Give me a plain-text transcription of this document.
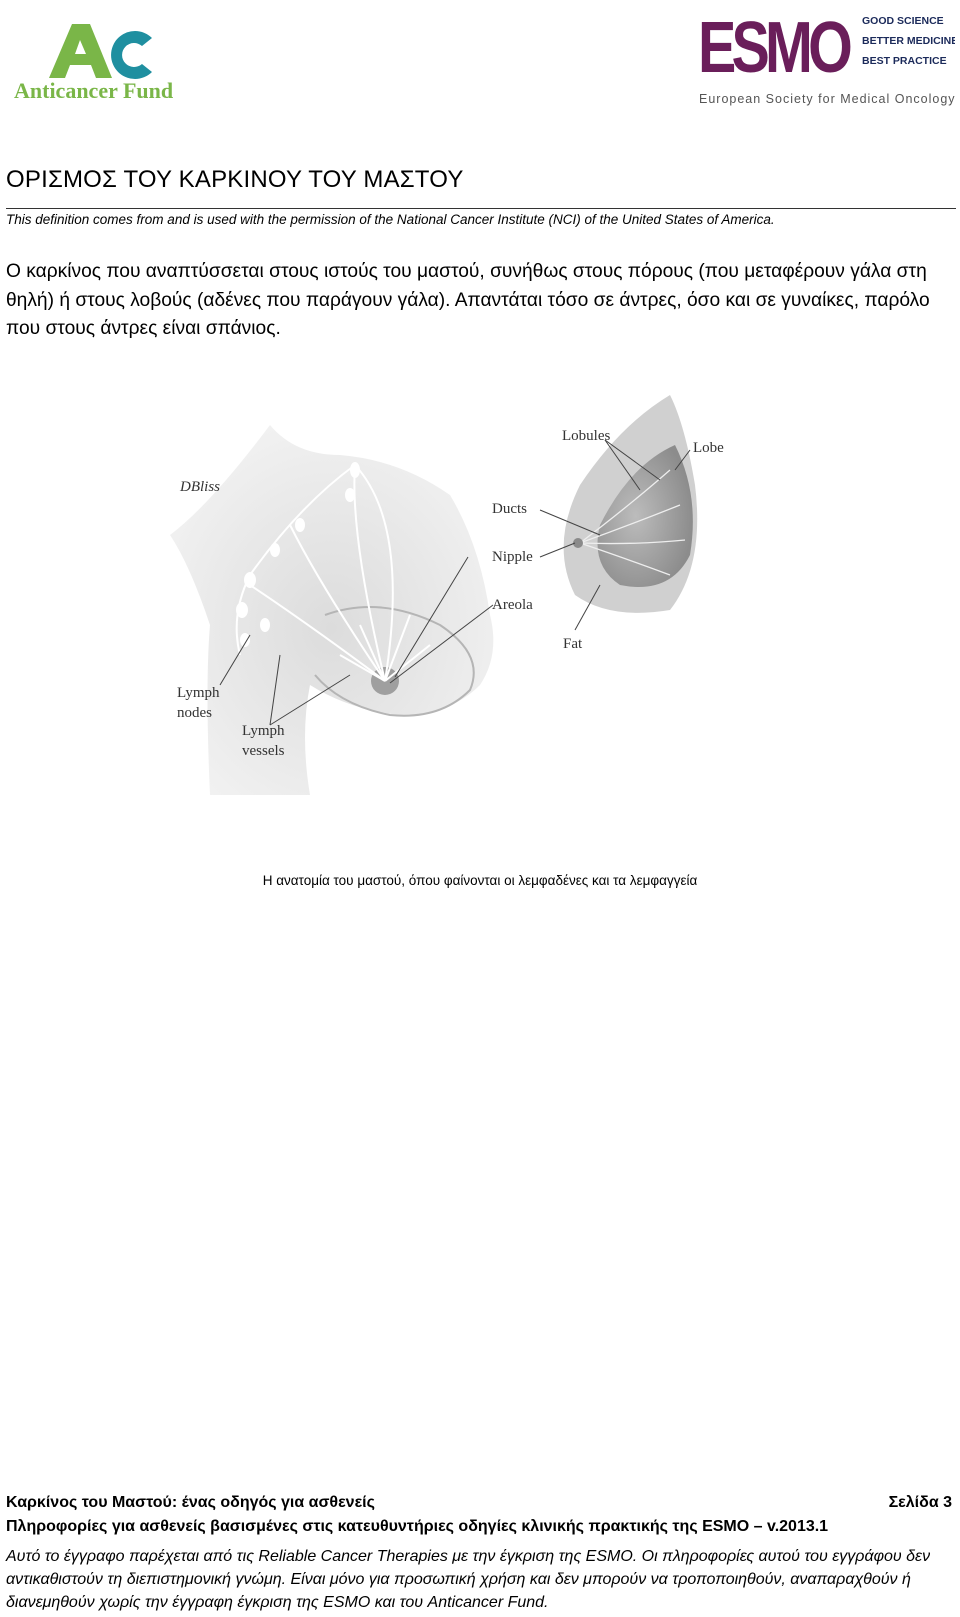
Anticancer Fund
ESMO GOOD SCIENCE
BETTER MEDICINE
BEST PRACTICE
European Society for Medical Oncology
ΟΡΙΣΜΟΣ ΤΟΥ ΚΑΡΚΙΝΟΥ ΤΟΥ ΜΑΣΤΟΥ
This definition comes from and is used with the permission of the National Cancer Institute (NCI) of the United States of America.
Ο καρκίνος που αναπτύσσεται στους ιστούς του μαστού, συνήθως στους πόρους (που μεταφέρουν γάλα στη θηλή) ή στους λοβούς (αδένες που παράγουν γάλα). Απαντάται τόσο σε άντρες, όσο και σε γυναίκες, παρόλο που στους άντρες είναι σπάνιος.
Lobules
Lobe
Ducts
Nipple
Areola
Fat
Lymph
nodes
Lymph
vessels
DBliss
Η ανατομία του μαστού, όπου φαίνονται οι λεμφαδένες και τα λεμφαγγεία
Καρκίνος του Μαστού: ένας οδηγός για ασθενείς	Σελίδα 3
Πληροφορίες για ασθενείς βασισμένες στις κατευθυντήριες οδηγίες κλινικής πρακτικής της ESMO – v.2013.1
Αυτό το έγγραφο παρέχεται από τις Reliable Cancer Therapies με την έγκριση της ESMO. Οι πληροφορίες αυτού του εγγράφου δεν αντικαθιστούν τη διεπιστημονική γνώμη. Είναι μόνο για προσωπική χρήση και δεν μπορούν να τροποποιηθούν, αναπαραχθούν ή διανεμηθούν χωρίς την έγγραφη έγκριση της ESMO και του Anticancer Fund.
